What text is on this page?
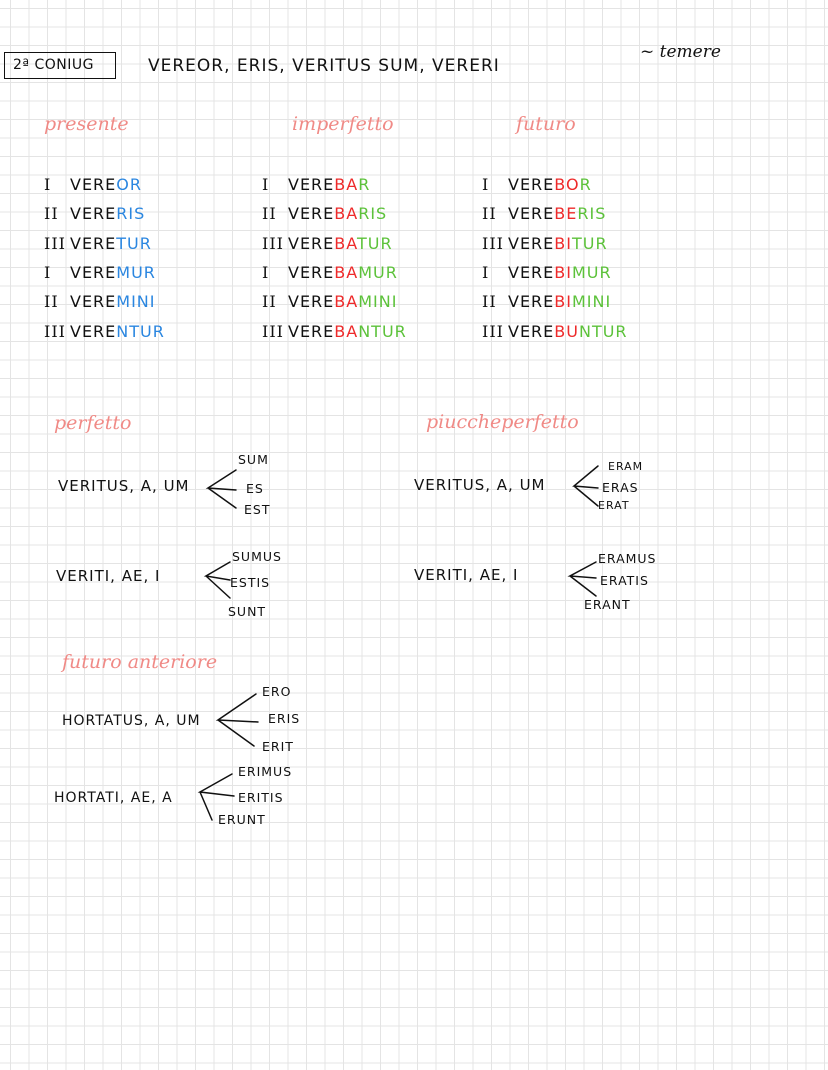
2ª CONIUG	VEREOR, ERIS, VERITUS SUM, VERERI
~ temere
presente	imperfetto	futuro
I VEREOR
II VERERIS
III VERETUR
I VEREMUR
II VEREMINI
III VERENTUR
I VEREBAR
II VEREBARIS
III VEREBATUR
I VEREBAMUR
II VEREBAMINI
III VEREBANTUR
I VEREBOR
II VEREBERIS
III VEREBITUR
I VEREBIMUR
II VEREBIMINI
III VEREBUNTUR
perfetto
VERITUS, A, UM
SUM
ES
EST
VERITI, AE, I
SUMUS
ESTIS
SUNT
piuccheperfetto
VERITUS, A, UM
ERAM
ERAS
ERAT
VERITI, AE, I
ERAMUS
ERATIS
ERANT
futuro anteriore
HORTATUS, A, UM
ERO
ERIS
ERIT
HORTATI, AE, A
ERIMUS
ERITIS
ERUNT
